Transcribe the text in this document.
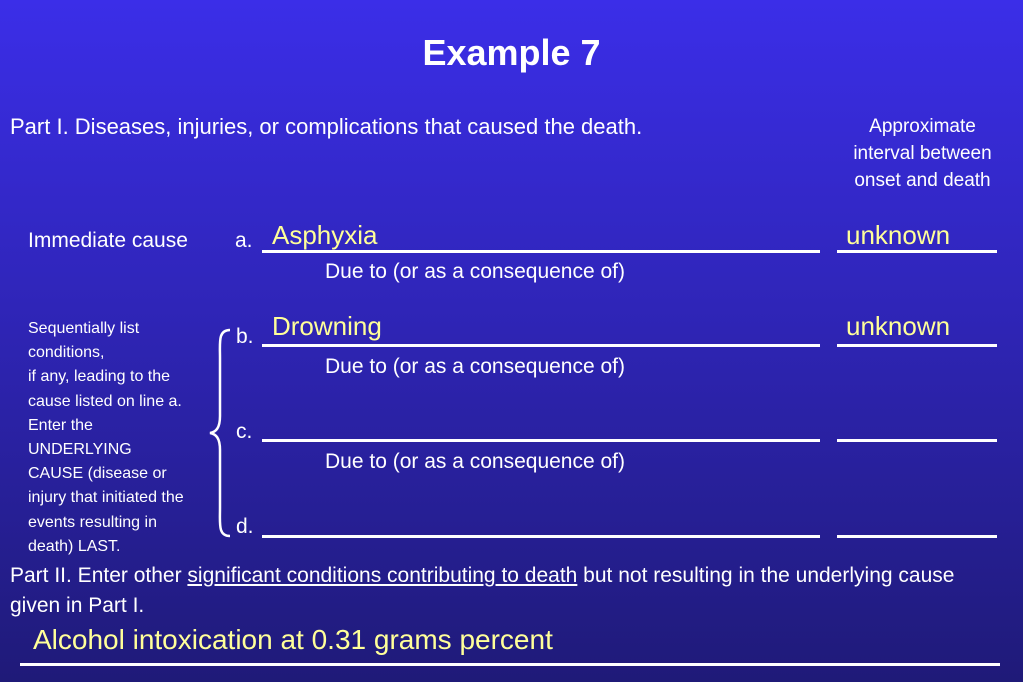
Example 7
Part I. Diseases, injuries, or complications that caused the death.	Approximate
interval between
onset and death
Immediate cause a. Asphyxia	unknown
Due to (or as a consequence of)
b. Drowning	unknown
Due to (or as a consequence of)
c.
Due to (or as a consequence of)
d.
Sequentially list
conditions,
if any, leading to the
cause listed on line a.
Enter the
UNDERLYING
CAUSE (disease or
injury that initiated the
events resulting in
death) LAST.
Part II. Enter other significant conditions contributing to death but not resulting in the underlying cause given in Part I.
Alcohol intoxication at 0.31 grams percent
